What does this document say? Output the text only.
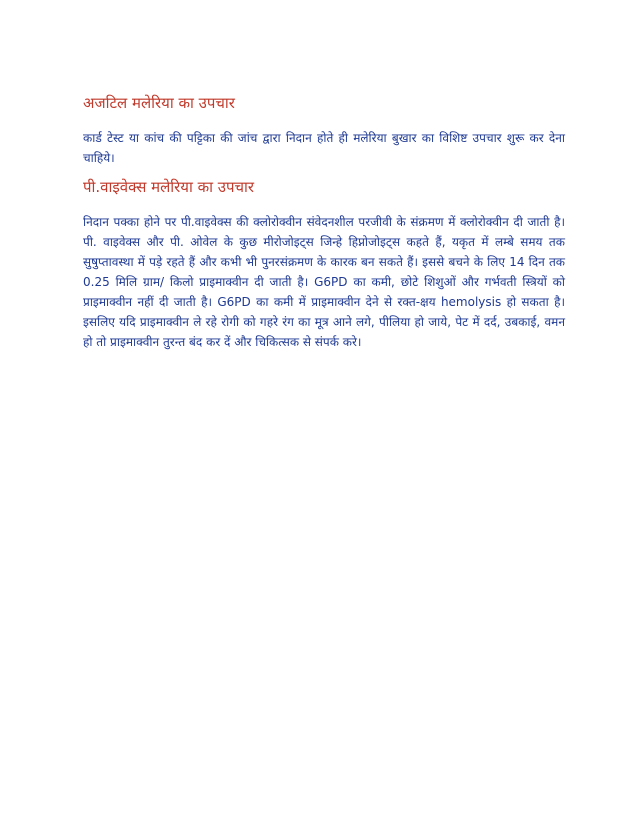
अजटिल मलेरिया का उपचार

कार्ड टेस्ट या कांच की पट्टिका की जांच द्वारा निदान होते ही मलेरिया बुखार का विशिष्ट उपचार शुरू कर देना चाहिये।

पी.वाइवेक्स मलेरिया का उपचार

निदान पक्का होने पर पी.वाइवेक्स की क्लोरोक्वीन संवेदनशील परजीवी के संक्रमण में क्लोरोक्वीन दी जाती है। पी. वाइवेक्स और पी. ओवेल के कुछ मीरोजोइट्स जिन्हे हिप्नोजोइट्स कहते हैं, यकृत में लम्बे समय तक सुषुप्तावस्था में पड़े रहते हैं और कभी भी पुनरसंक्रमण के कारक बन सकते हैं। इससे बचने के लिए 14 दिन तक 0.25 मिलि ग्राम/ किलो प्राइमाक्वीन दी जाती है। G6PD का कमी, छोटे शिशुओं और गर्भवती स्त्रियों को प्राइमाक्वीन नहीं दी जाती है। G6PD का कमी में प्राइमाक्वीन देने से रक्त-क्षय hemolysis हो सकता है। इसलिए यदि प्राइमाक्वीन ले रहे रोगी को गहरे रंग का मूत्र आने लगे, पीलिया हो जाये, पेट में दर्द, उबकाई, वमन हो तो प्राइमाक्वीन तुरन्त बंद कर दें और चिकित्सक से संपर्क करे।
